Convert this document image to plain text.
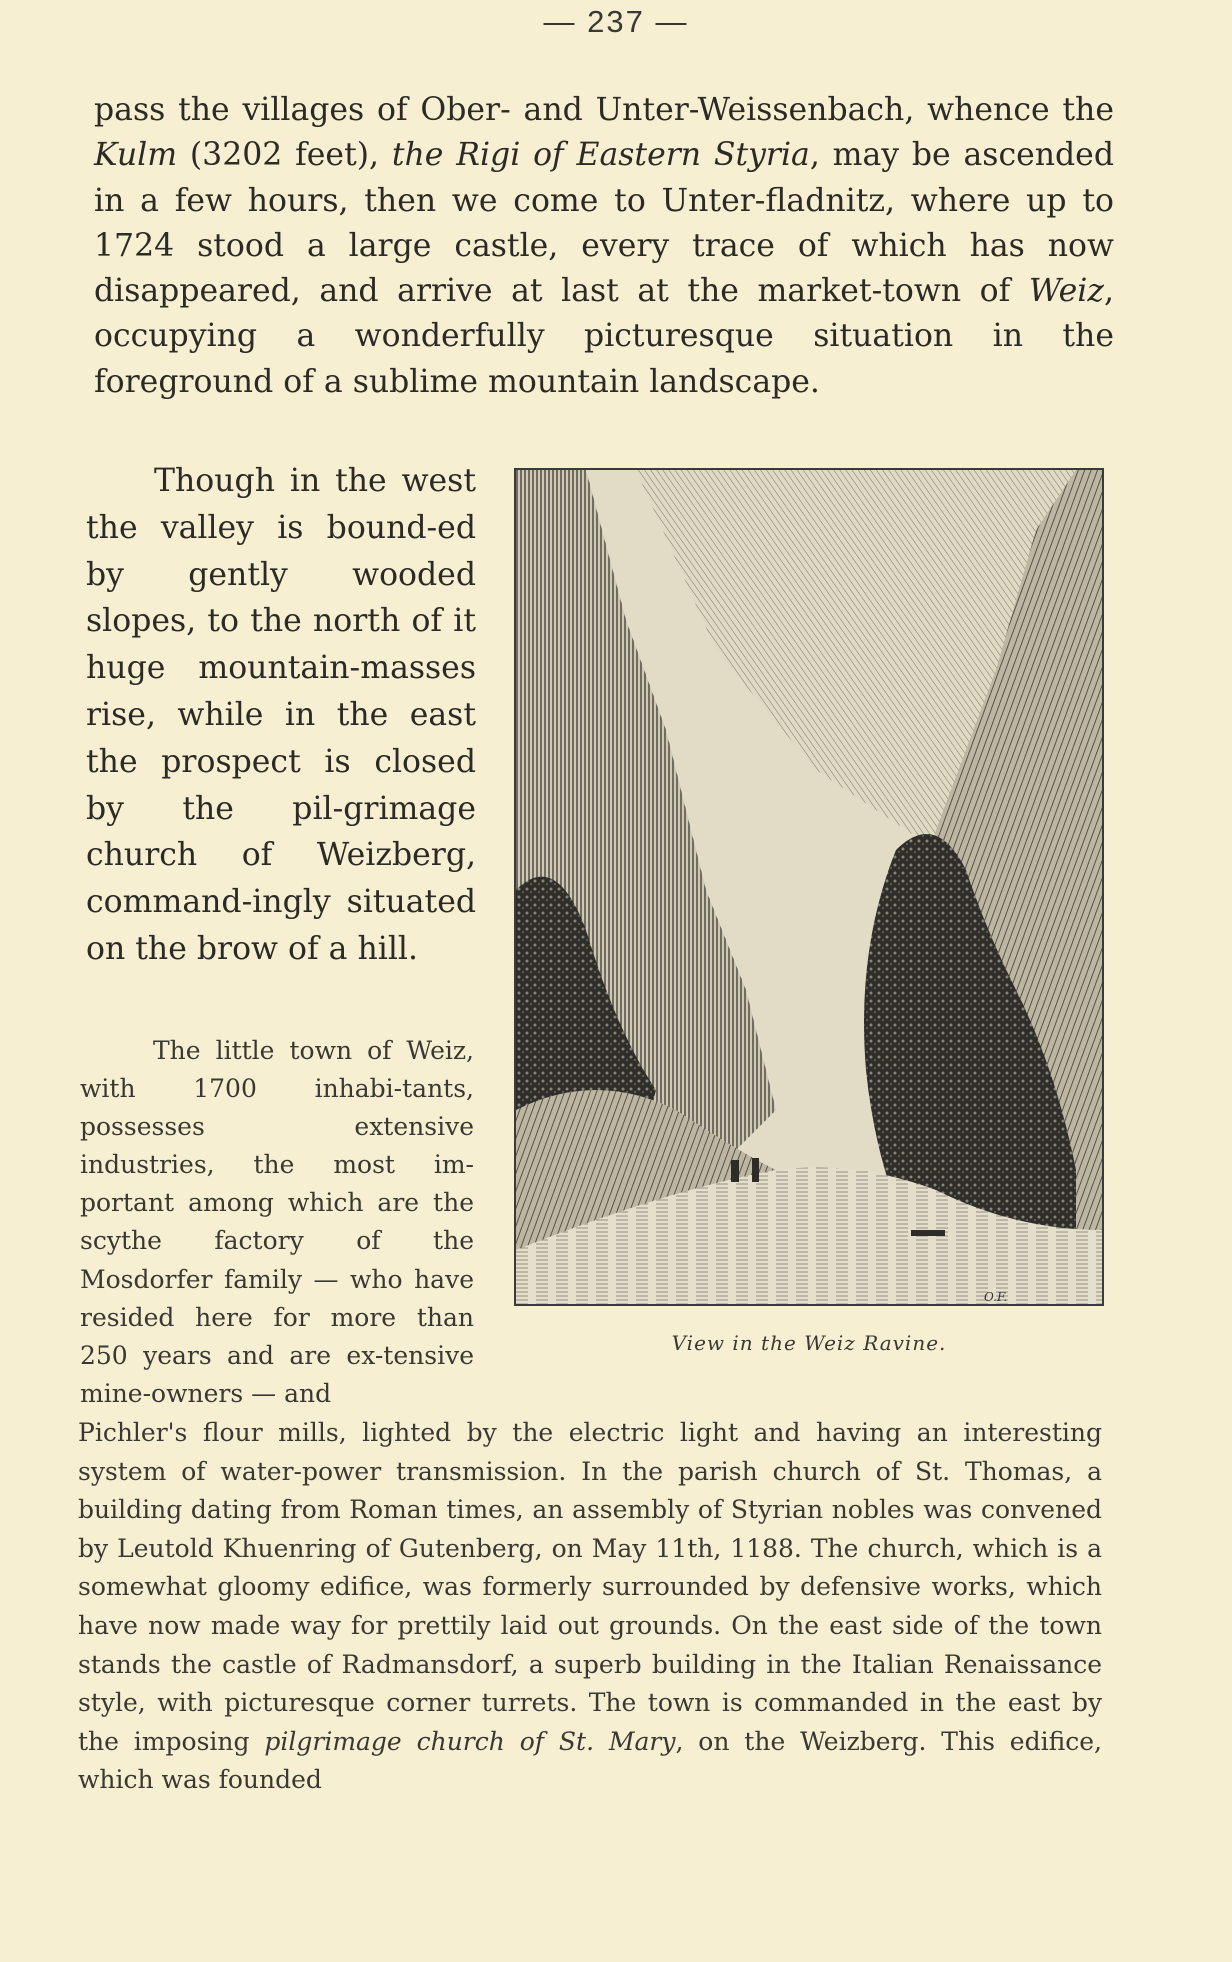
— 237 —

pass the villages of Ober- and Unter-Weissenbach, whence the Kulm (3202 feet), the Rigi of Eastern Styria, may be ascended in a few hours, then we come to Unter-fladnitz, where up to 1724 stood a large castle, every trace of which has now disappeared, and arrive at last at the market-town of Weiz, occupying a wonderfully picturesque situation in the foreground of a sublime mountain landscape.

Though in the west the valley is bound-ed by gently wooded slopes, to the north of it huge mountain-masses rise, while in the east the prospect is closed by the pil-grimage church of Weizberg, command-ingly situated on the brow of a hill.

The little town of Weiz, with 1700 inhabi-tants, possesses extensive industries, the most im-portant among which are the scythe factory of the Mosdorfer family — who have resided here for more than 250 years and are ex-tensive mine-owners — and

Pichler's flour mills, lighted by the electric light and having an interesting system of water-power transmission. In the parish church of St. Thomas, a building dating from Roman times, an assembly of Styrian nobles was convened by Leutold Khuenring of Gutenberg, on May 11th, 1188. The church, which is a somewhat gloomy edifice, was formerly surrounded by defensive works, which have now made way for prettily laid out grounds. On the east side of the town stands the castle of Radmansdorf, a superb building in the Italian Renaissance style, with picturesque corner turrets. The town is commanded in the east by the imposing pilgrimage church of St. Mary, on the Weizberg. This edifice, which was founded

O.F.
View in the Weiz Ravine.
